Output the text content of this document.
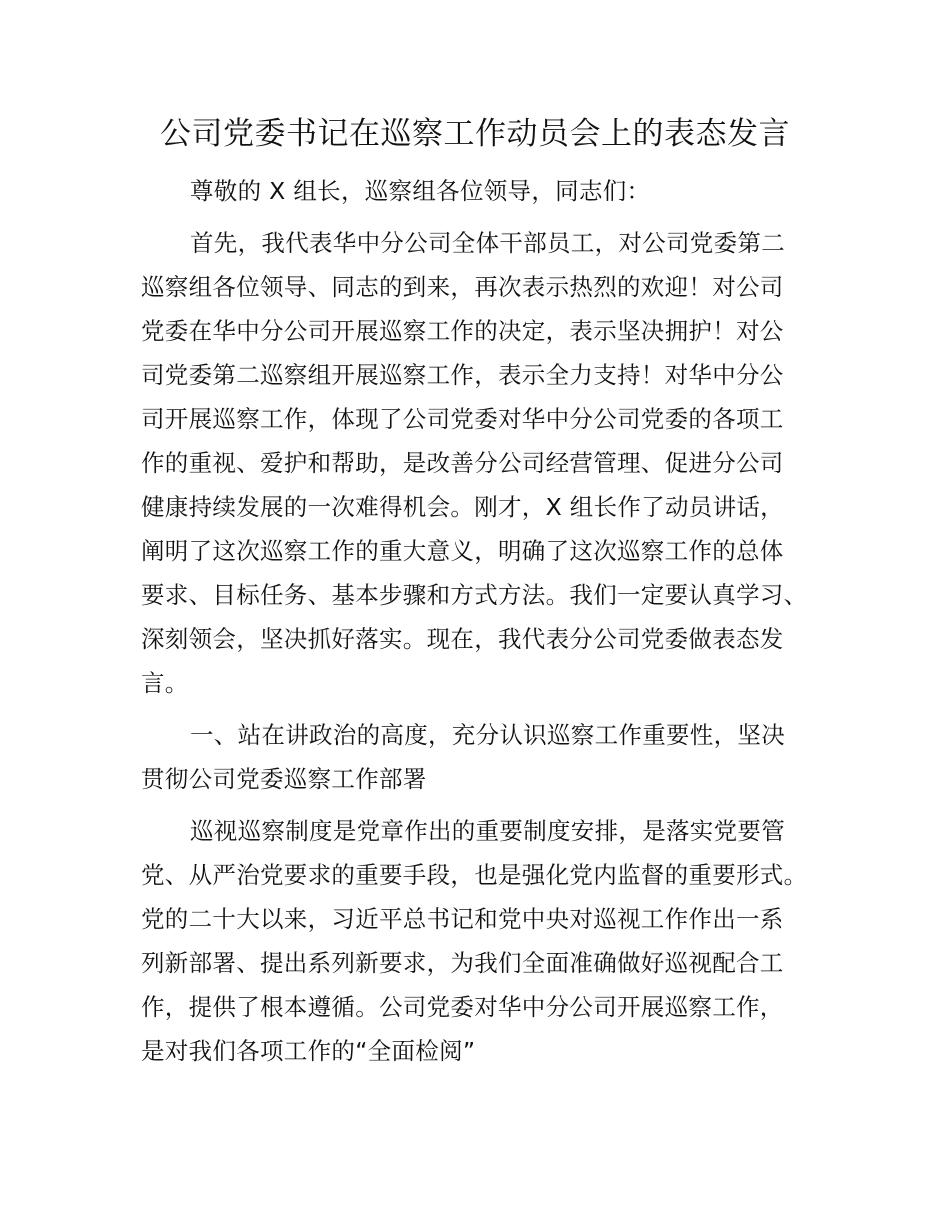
公司党委书记在巡察工作动员会上的表态发言

尊敬的 X 组长，巡察组各位领导，同志们：

首先，我代表华中分公司全体干部员工，对公司党委第二

巡察组各位领导、同志的到来，再次表示热烈的欢迎！对公司

党委在华中分公司开展巡察工作的决定，表示坚决拥护！对公

司党委第二巡察组开展巡察工作，表示全力支持！对华中分公

司开展巡察工作，体现了公司党委对华中分公司党委的各项工

作的重视、爱护和帮助，是改善分公司经营管理、促进分公司

健康持续发展的一次难得机会。刚才，X 组长作了动员讲话，

阐明了这次巡察工作的重大意义，明确了这次巡察工作的总体

要求、目标任务、基本步骤和方式方法。我们一定要认真学习、

深刻领会，坚决抓好落实。现在，我代表分公司党委做表态发

言。

一、站在讲政治的高度，充分认识巡察工作重要性，坚决

贯彻公司党委巡察工作部署

巡视巡察制度是党章作出的重要制度安排，是落实党要管

党、从严治党要求的重要手段，也是强化党内监督的重要形式。

党的二十大以来，习近平总书记和党中央对巡视工作作出一系

列新部署、提出系列新要求，为我们全面准确做好巡视配合工

作，提供了根本遵循。公司党委对华中分公司开展巡察工作，

是对我们各项工作的“全面检阅”
